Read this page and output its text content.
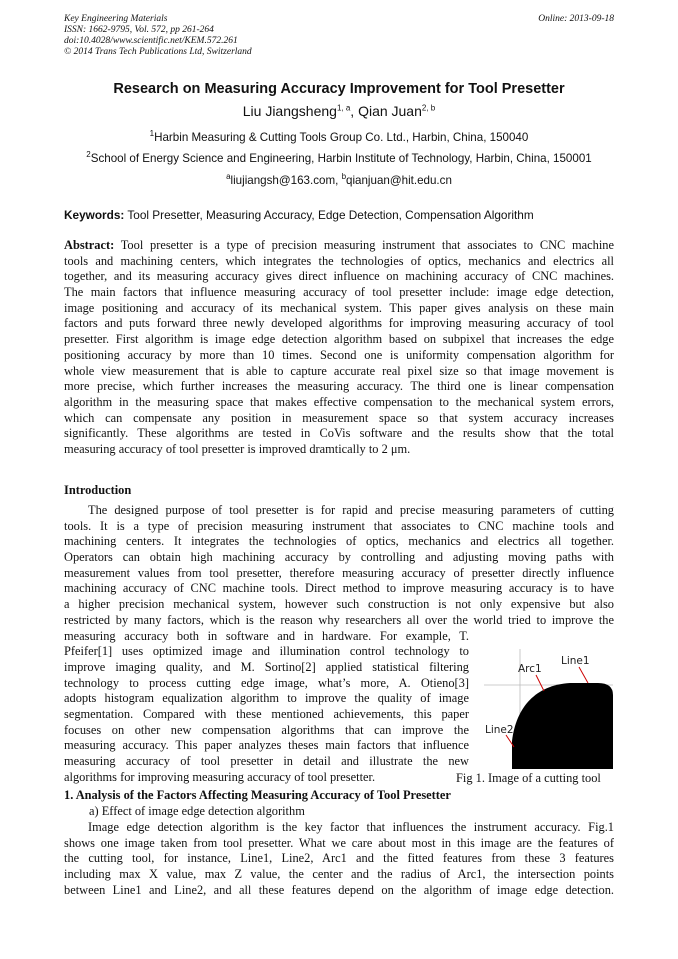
Key Engineering Materials
ISSN: 1662-9795, Vol. 572, pp 261-264
doi:10.4028/www.scientific.net/KEM.572.261
© 2014 Trans Tech Publications Ltd, Switzerland
Online: 2013-09-18
Research on Measuring Accuracy Improvement for Tool Presetter
Liu Jiangsheng$^{1, a}$, Qian Juan$^{2, b}$
$^1$Harbin Measuring & Cutting Tools Group Co. Ltd., Harbin, China, 150040
$^2$School of Energy Science and Engineering, Harbin Institute of Technology, Harbin, China, 150001
$^a$liujiangsh@163.com, $^b$qianjuan@hit.edu.cn
Keywords: Tool Presetter, Measuring Accuracy, Edge Detection, Compensation Algorithm
Abstract: Tool presetter is a type of precision measuring instrument that associates to CNC machine
tools and machining centers, which integrates the technologies of optics, mechanics and electrics all
together, and its measuring accuracy gives direct influence on machining accuracy of CNC machines.
The main factors that influence measuring accuracy of tool presetter include: image edge detection,
image positioning and accuracy of its mechanical system. This paper gives analysis on these main
factors and puts forward three newly developed algorithms for improving measuring accuracy of tool
presetter. First algorithm is image edge detection algorithm based on subpixel that increases the edge
positioning accuracy by more than 10 times. Second one is uniformity compensation algorithm for
whole view measurement that is able to capture accurate real pixel size so that image movement is
more precise, which further increases the measuring accuracy. The third one is linear compensation
algorithm in the measuring space that makes effective compensation to the mechanical system errors,
which can compensate any position in measurement space so that system accuracy increases
significantly. These algorithms are tested in CoVis software and the results show that the total
measuring accuracy of tool presetter is improved dramtically to 2 μm.
Introduction
The designed purpose of tool presetter is for rapid and precise measuring parameters of cutting
tools. It is a type of precision measuring instrument that associates to CNC machine tools and
machining centers. It integrates the technologies of optics, mechanics and electrics all together.
Operators can obtain high machining accuracy by controlling and adjusting moving paths with
measurement values from tool presetter, therefore measuring accuracy of presetter directly influence
machining accuracy of CNC machine tools. Direct method to improve measuring accuracy is to have
a higher precision mechanical system, however such construction is not only expensive but also
restricted by many factors, which is the reason why researchers all over the world tried to improve the
measuring accuracy both in software and in hardware. For example, T.
Pfeifer[1] uses optimized image and illumination control technology to
improve imaging quality, and M. Sortino[2] applied statistical filtering
technology to process cutting edge image, what’s more, A. Otieno[3]
adopts histogram equalization algorithm to improve the quality of image
segmentation. Compared with these mentioned achievements, this paper
focuses on other new compensation algorithms that can improve the
measuring accuracy. This paper analyzes theses main factors that influence
measuring accuracy of tool presetter in detail and illustrate the new
algorithms for improving measuring accuracy of tool presetter.
Arc1
Line1
Line2
Fig 1. Image of a cutting tool
1. Analysis of the Factors Affecting Measuring Accuracy of Tool Presetter
a) Effect of image edge detection algorithm
Image edge detection algorithm is the key factor that influences the instrument accuracy. Fig.1
shows one image taken from tool presetter. What we care about most in this image are the features of
the cutting tool, for instance, Line1, Line2, Arc1 and the fitted features from these 3 features
including max X value, max Z value, the center and the radius of Arc1, the intersection points
between Line1 and Line2, and all these features depend on the algorithm of image edge detection.
